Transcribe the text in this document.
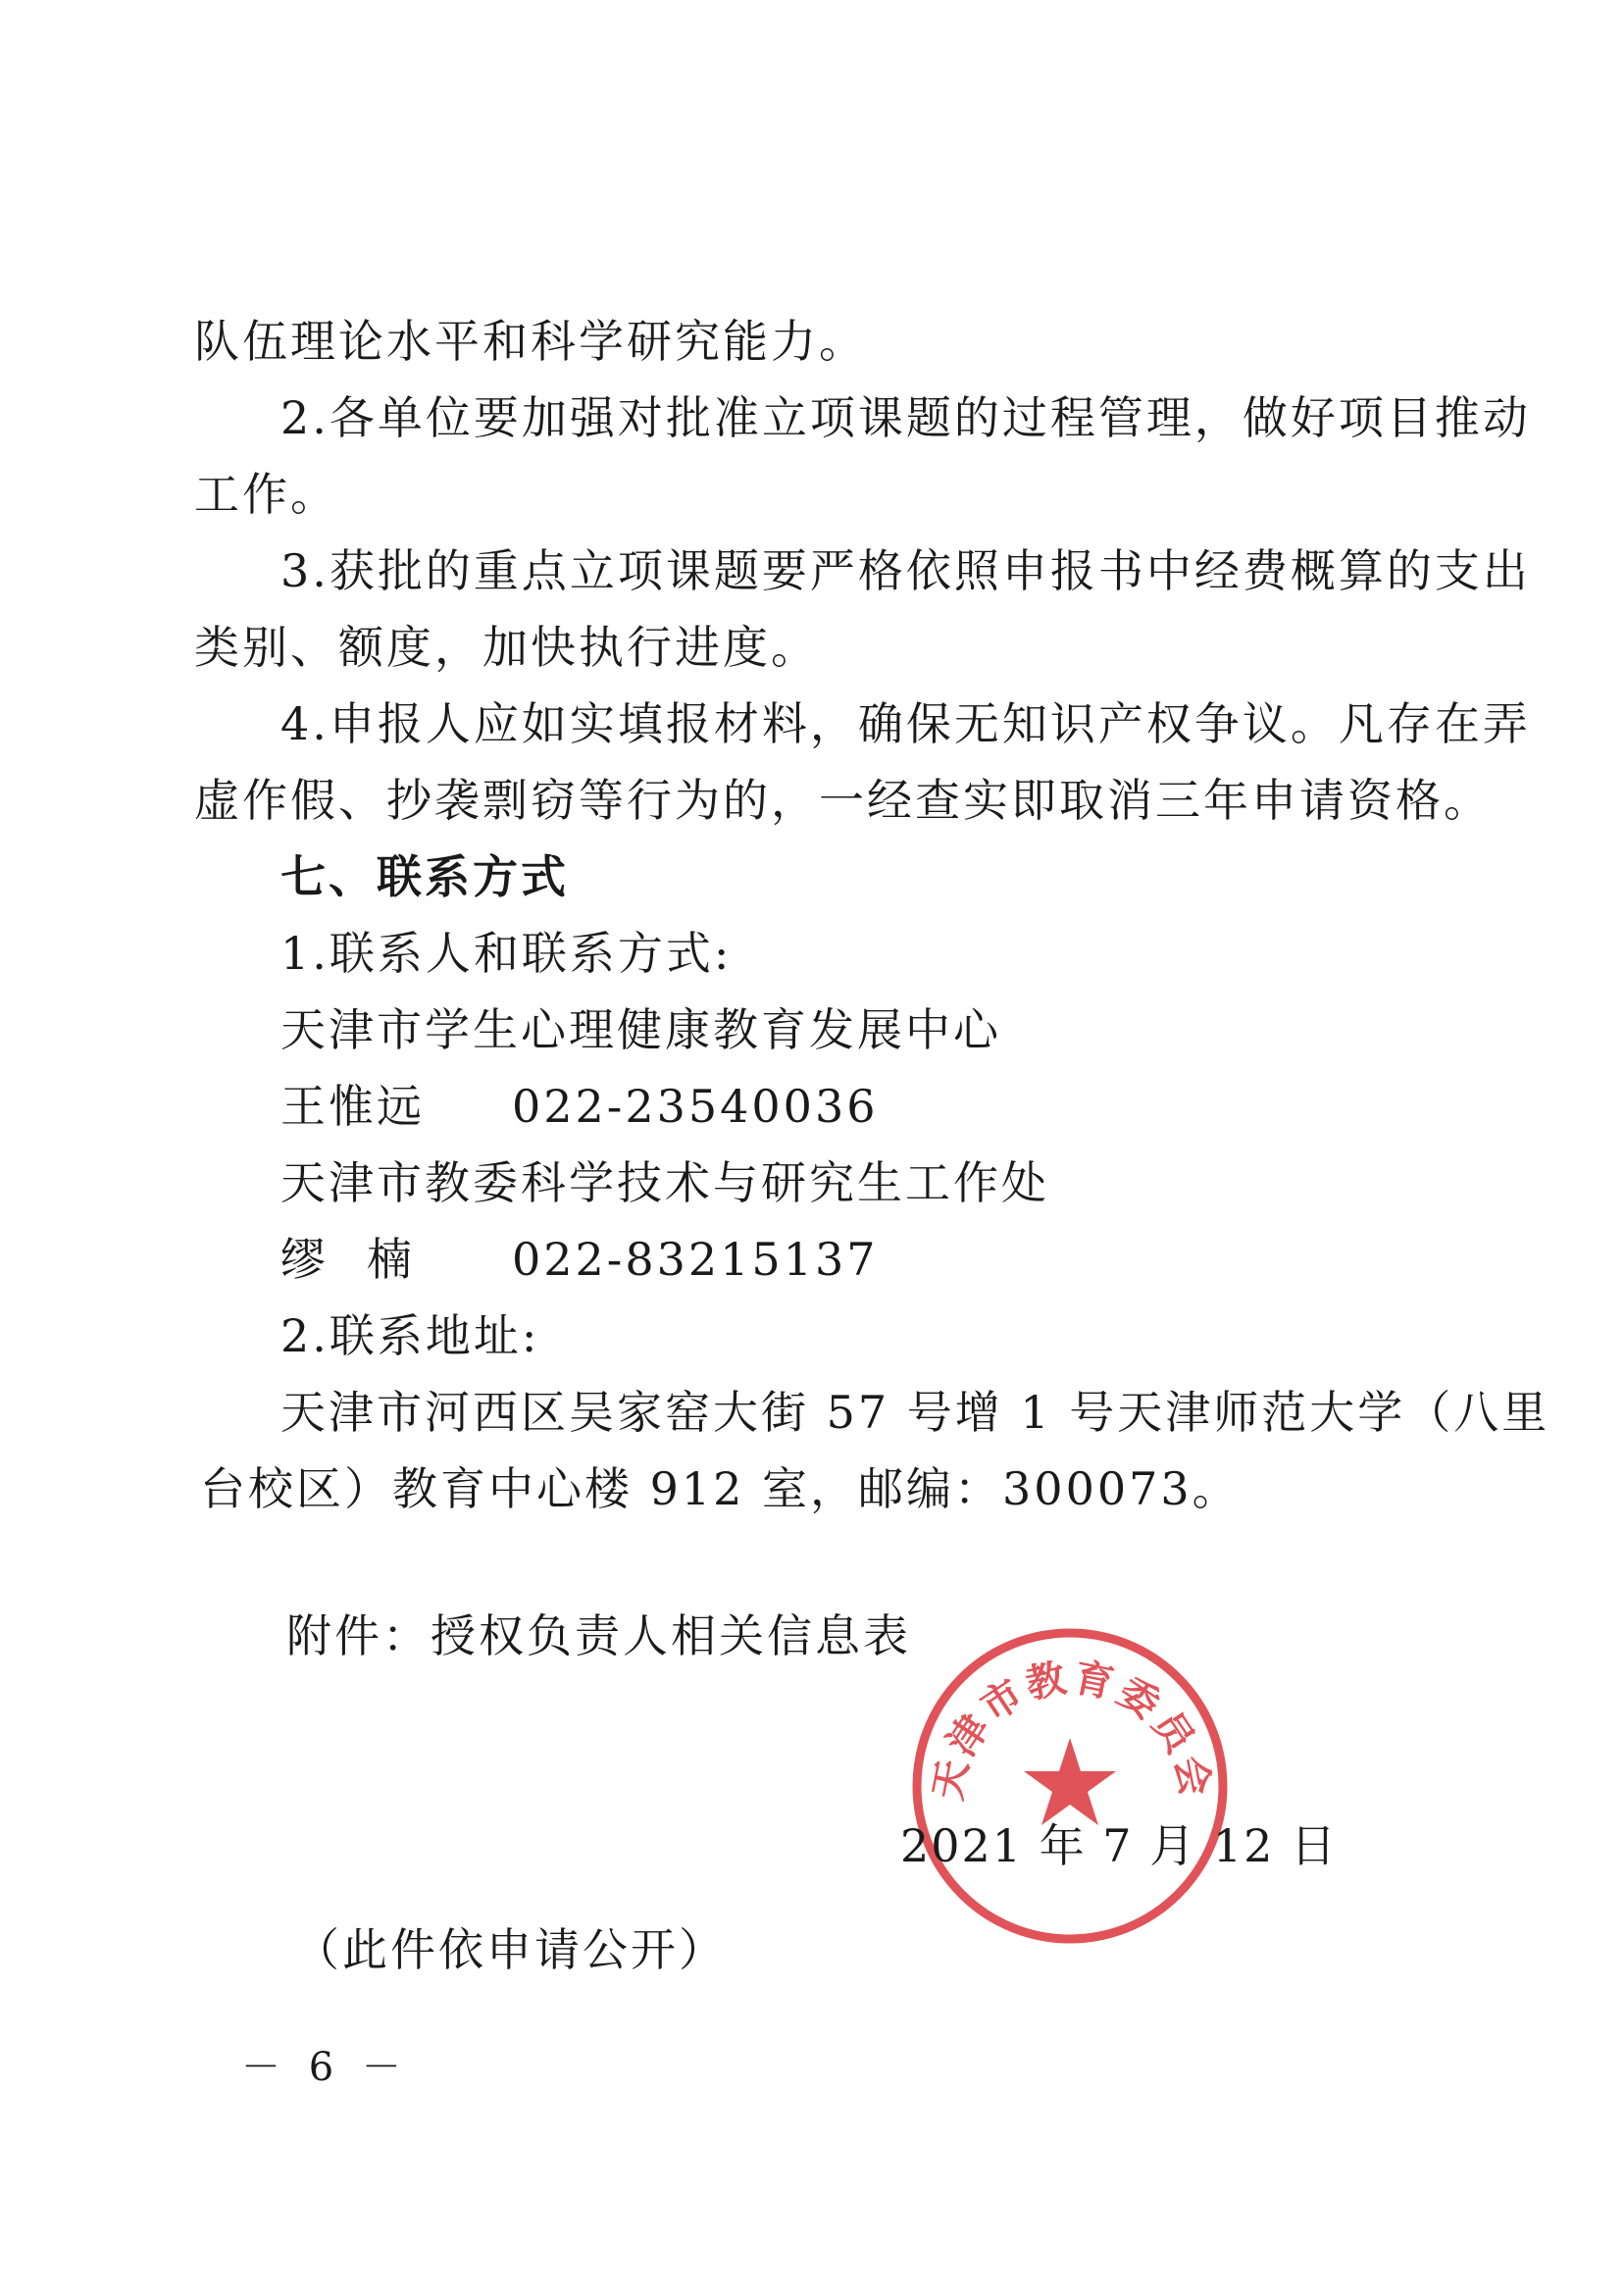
队伍理论水平和科学研究能力。
2.各单位要加强对批准立项课题的过程管理，做好项目推动
工作。
3.获批的重点立项课题要严格依照申报书中经费概算的支出
类别、额度，加快执行进度。
4.申报人应如实填报材料，确保无知识产权争议。凡存在弄
虚作假、抄袭剽窃等行为的，一经查实即取消三年申请资格。
七、联系方式
1.联系人和联系方式:
天津市学生心理健康教育发展中心
王惟远 022-23540036
天津市教委科学技术与研究生工作处
缪楠 022-83215137
2.联系地址:
天津市河西区吴家窑大街 57 号增 1 号天津师范大学（八里
台校区）教育中心楼 912 室，邮编：300073。
附件：授权负责人相关信息表
天津市教育委员会
2021 年 7 月 12 日
（此件依申请公开）
－ 6 －
